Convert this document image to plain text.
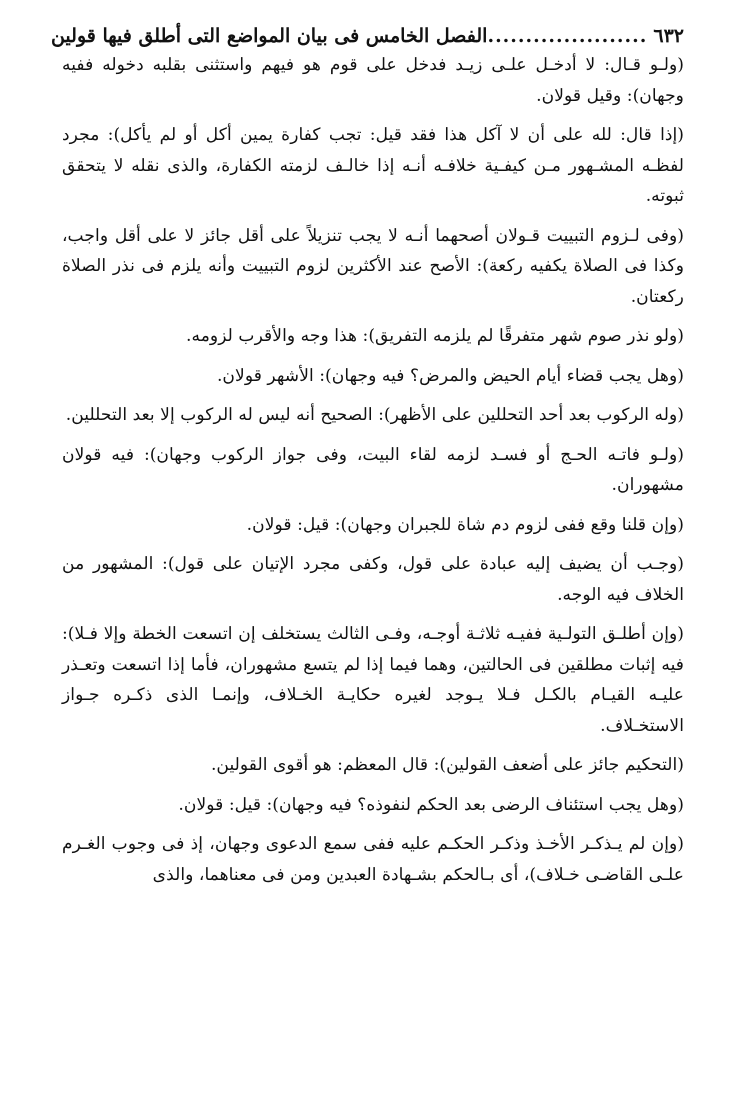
٦٣٢
.....................
الفصل الخامس فى بيان المواضع التى أطلق فيها قولين

(ولـو قـال: لا أدخـل علـى زيـد فدخل على قوم هو فيهم واستثنى بقلبه دخوله ففيه وجهان): وقيل قولان.

(إذا قال: لله على أن لا آكل هذا فقد قيل: تجب كفارة يمين أكل أو لم يأكل): مجرد لفظـه المشـهور مـن كيفـية خلافـه أنـه إذا خالـف لزمته الكفارة، والذى نقله لا يتحقق ثبوته.

(وفى لـزوم التبييت قـولان أصحهما أنـه لا يجب تنزيلاً على أقل جائز لا على أقل واجب، وكذا فى الصلاة يكفيه ركعة): الأصح عند الأكثرين لزوم التبييت وأنه يلزم فى نذر الصلاة ركعتان.

(ولو نذر صوم شهر متفرقًا لم يلزمه التفريق): هذا وجه والأقرب لزومه.

(وهل يجب قضاء أيام الحيض والمرض؟ فيه وجهان): الأشهر قولان.

(وله الركوب بعد أحد التحللين على الأظهر): الصحيح أنه ليس له الركوب إلا بعد التحللين.

(ولـو فاتـه الحـج أو فسـد لزمه لقاء البيت، وفى جواز الركوب وجهان): فيه قولان مشهوران.

(وإن قلنا وقع ففى لزوم دم شاة للجبران وجهان): قيل: قولان.

(وجـب أن يضيف إليه عبادة على قول، وكفى مجرد الإتيان على قول): المشهور من الخلاف فيه الوجه.

(وإن أطلـق التولـية ففيـه ثلاثـة أوجـه، وفـى الثالث يستخلف إن اتسعت الخطة وإلا فـلا): فيه إثبات مطلقين فى الحالتين، وهما فيما إذا لم يتسع مشهوران، فأما إذا اتسعت وتعـذر عليـه القيـام بالكـل فـلا يـوجد لغيره حكايـة الخـلاف، وإنمـا الذى ذكـره جـواز الاستخـلاف.

(التحكيم جائز على أضعف القولين): قال المعظم: هو أقوى القولين.

(وهل يجب استئناف الرضى بعد الحكم لنفوذه؟ فيه وجهان): قيل: قولان.

(وإن لم يـذكـر الأخـذ وذكـر الحكـم عليه ففى سمع الدعوى وجهان، إذ فى وجوب الغـرم علـى القاضـى خـلاف)، أى بـالحكم بشـهادة العبدين ومن فى معناهما، والذى
